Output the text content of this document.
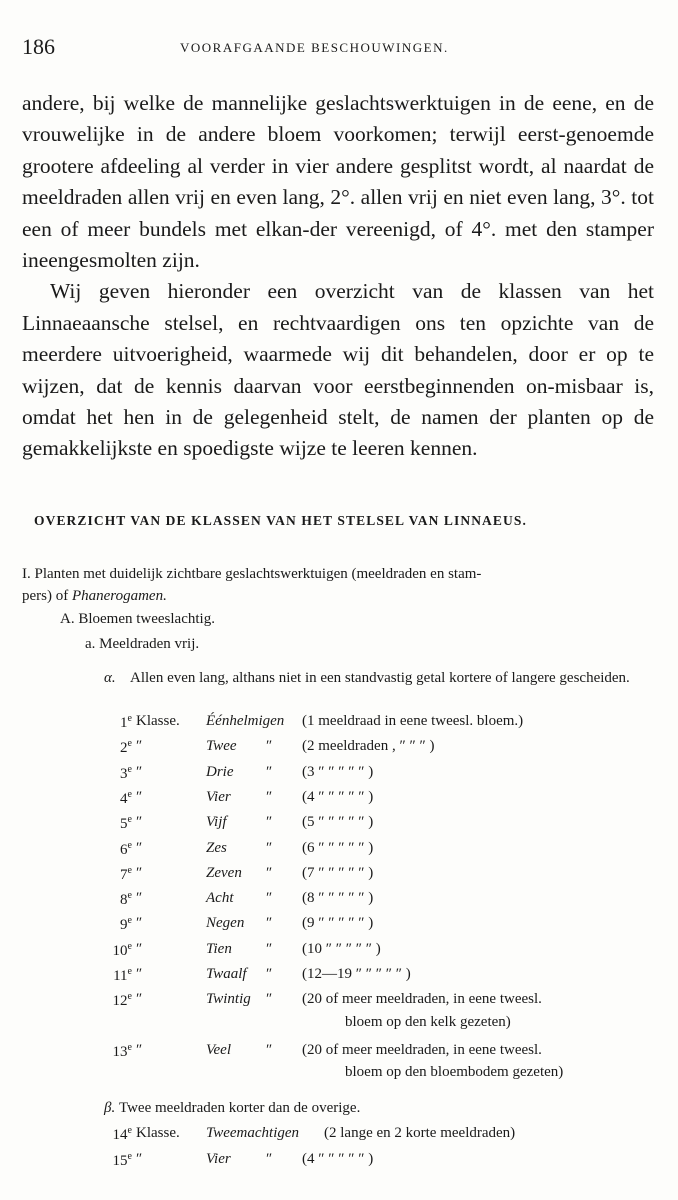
186	VOORAFGAANDE BESCHOUWINGEN.

andere, bij welke de mannelijke geslachtswerktuigen in de eene, en de vrouwelijke in de andere bloem voorkomen; terwijl eerst-genoemde grootere afdeeling al verder in vier andere gesplitst wordt, al naardat de meeldraden allen vrij en even lang, 2°. allen vrij en niet even lang, 3°. tot een of meer bundels met elkan-der vereenigd, of 4°. met den stamper ineengesmolten zijn.

Wij geven hieronder een overzicht van de klassen van het Linnaeaansche stelsel, en rechtvaardigen ons ten opzichte van de meerdere uitvoerigheid, waarmede wij dit behandelen, door er op te wijzen, dat de kennis daarvan voor eerstbeginnenden on-misbaar is, omdat het hen in de gelegenheid stelt, de namen der planten op de gemakkelijkste en spoedigste wijze te leeren kennen.

OVERZICHT VAN DE KLASSEN VAN HET STELSEL VAN LINNAEUS.
I. Planten met duidelijk zichtbare geslachtswerktuigen (meeldraden en stam-
pers) of Phanerogamen.
A. Bloemen tweeslachtig.
a. Meeldraden vrij.
α. Allen even lang, althans niet in een standvastig getal kortere of langere gescheiden.
1e Klasse. Éénhelmigen (1 meeldraad in eene tweesl. bloem.)
2e ″	Twee ″ (2 meeldraden , ″ ″ ″ )
3e ″	Drie ″ (3 ″ ″ ″ ″ ″ )
4e ″	Vier ″ (4 ″ ″ ″ ″ ″ )
5e ″	Vijf	″ (5 ″ ″ ″ ″ ″ )
6e ″	Zes	″ (6 ″ ″ ″ ″ ″ )
7e ″	Zeven ″ (7 ″ ″ ″ ″ ″ )
8e ″	Acht ″ (8 ″ ″ ″ ″ ″ )
9e ″	Negen ″ (9 ″ ″ ″ ″ ″ )
10e ″	Tien ″ (10 ″ ″ ″ ″ ″ )
11e ″	Twaalf ″ (12—19 ″ ″ ″ ″ ″ )
12e ″	Twintig ″ (20 of meer meeldraden, in eene tweesl.
bloem op den kelk gezeten)
13e ″	Veel ″ (20 of meer meeldraden, in eene tweesl.
bloem op den bloembodem gezeten)
β. Twee meeldraden korter dan de overige.
14e Klasse. Tweemachtigen (2 lange en 2 korte meeldraden)
15e ″	Vier ″ (4 ″ ″ ″ ″ ″ )
